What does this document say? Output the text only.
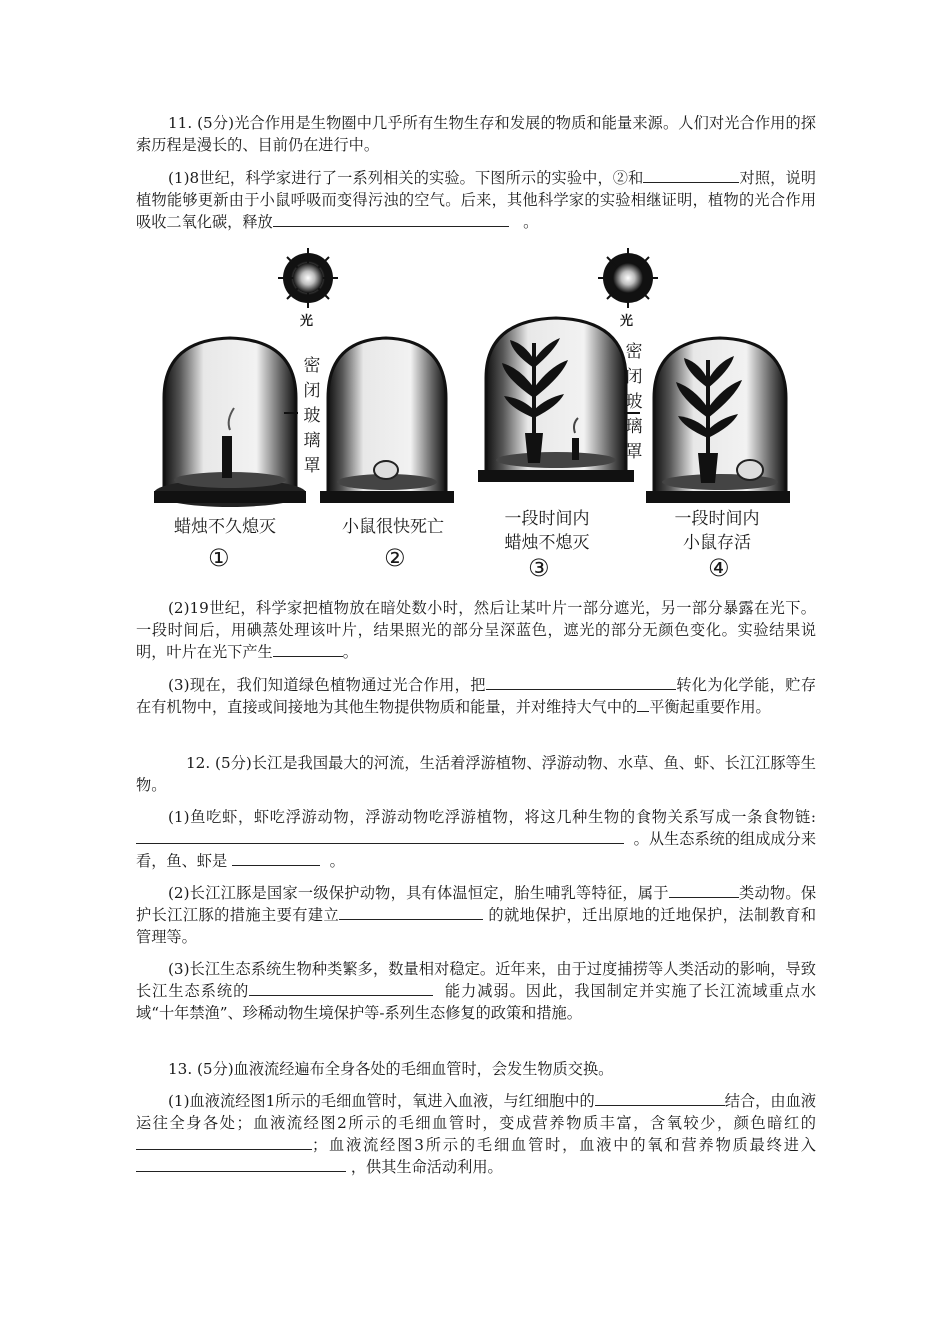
11. (5分)光合作用是生物圈中几乎所有生物生存和发展的物质和能量来源。人们对光合作用的探索历程是漫长的、目前仍在进行中。

(1)8世纪，科学家进行了一系列相关的实验。下图所示的实验中，②和	对照，说明植物能够更新由于小鼠呼吸而变得污浊的空气。后来，其他科学家的实验相继证明，植物的光合作用吸收二氧化碳，释放	。

光	光
密闭玻璃罩
密闭玻璃罩
蜡烛不久熄灭	小鼠很快死亡	一段时间内
蜡烛不熄灭
一段时间内
小鼠存活
①	②	③	④

(2)19世纪，科学家把植物放在暗处数小时，然后让某叶片一部分遮光，另一部分暴露在光下。一段时间后，用碘蒸处理该叶片，结果照光的部分呈深蓝色，遮光的部分无颜色变化。实验结果说明，叶片在光下产生	。

(3)现在，我们知道绿色植物通过光合作用，把	转化为化学能，贮存在有机物中，直接或间接地为其他生物提供物质和能量，并对维持大气中的 平衡起重要作用。

12. (5分)长江是我国最大的河流，生活着浮游植物、浮游动物、水草、鱼、虾、长江江豚等生物。

(1)鱼吃虾，虾吃浮游动物，浮游动物吃浮游植物，将这几种生物的食物关系写成一条食物链:  。从生态系统的组成成分来看，鱼、虾是	。

(2)长江江豚是国家一级保护动物，具有体温恒定，胎生哺乳等特征，属于	类动物。保护长江江豚的措施主要有建立	的就地保护，迁出原地的迁地保护，法制教育和管理等。

(3)长江生态系统生物种类繁多，数量相对稳定。近年来，由于过度捕捞等人类活动的影响，导致长江生态系统的	能力减弱。因此，我国制定并实施了长江流域重点水域“十年禁渔”、珍稀动物生境保护等-系列生态修复的政策和措施。

13. (5分)血液流经遍布全身各处的毛细血管时，会发生物质交换。

(1)血液流经图1所示的毛细血管时，氧进入血液，与红细胞中的	结合，由血液运往全身各处；血液流经图2所示的毛细血管时，变成营养物质丰富，含氧较少，颜色暗红的；血液流经图3所示的毛细血管时，血液中的氧和营养物质最终进入 ，供其生命活动利用。
